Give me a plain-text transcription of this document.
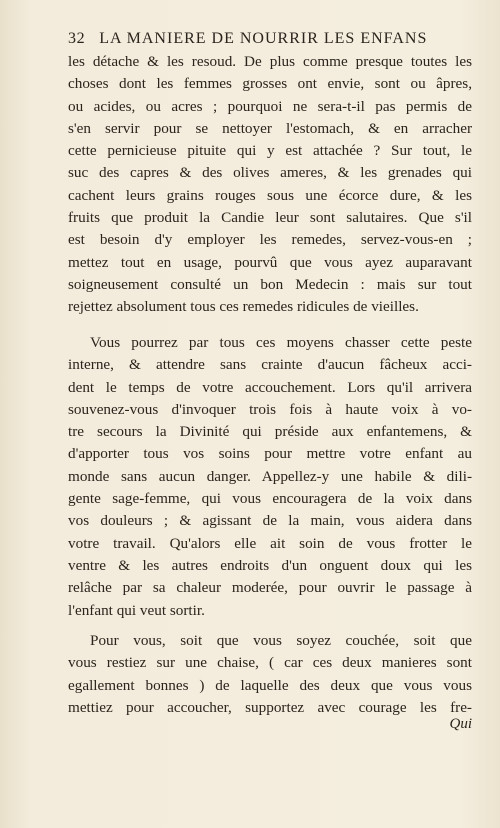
32 LA MANIERE DE NOURRIR LES ENFANS
les détache & les resoud. De plus comme presque toutes les
choses dont les femmes grosses ont envie, sont ou âpres,
ou acides, ou acres ; pourquoi ne sera-t-il pas permis de
s'en servir pour se nettoyer l'estomach, & en arracher
cette pernicieuse pituite qui y est attachée ? Sur tout, le
suc des capres & des olives ameres, & les grenades qui
cachent leurs grains rouges sous une écorce dure, & les
fruits que produit la Candie leur sont salutaires. Que s'il
est besoin d'y employer les remedes, servez-vous-en ;
mettez tout en usage, pourvû que vous ayez auparavant
soigneusement consulté un bon Medecin : mais sur tout
rejettez absolument tous ces remedes ridicules de vieilles.
Vous pourrez par tous ces moyens chasser cette peste
interne, & attendre sans crainte d'aucun fâcheux acci-
dent le temps de votre accouchement. Lors qu'il arrivera
souvenez-vous d'invoquer trois fois à haute voix à vo-
tre secours la Divinité qui préside aux enfantemens, &
d'apporter tous vos soins pour mettre votre enfant au
monde sans aucun danger. Appellez-y une habile & dili-
gente sage-femme, qui vous encouragera de la voix dans
vos douleurs ; & agissant de la main, vous aidera dans
votre travail. Qu'alors elle ait soin de vous frotter le
ventre & les autres endroits d'un onguent doux qui les
relâche par sa chaleur moderée, pour ouvrir le passage à
l'enfant qui veut sortir.
Pour vous, soit que vous soyez couchée, soit que
vous restiez sur une chaise, ( car ces deux manieres sont
egallement bonnes ) de laquelle des deux que vous vous
mettiez pour accoucher, supportez avec courage les fre-
Qui
